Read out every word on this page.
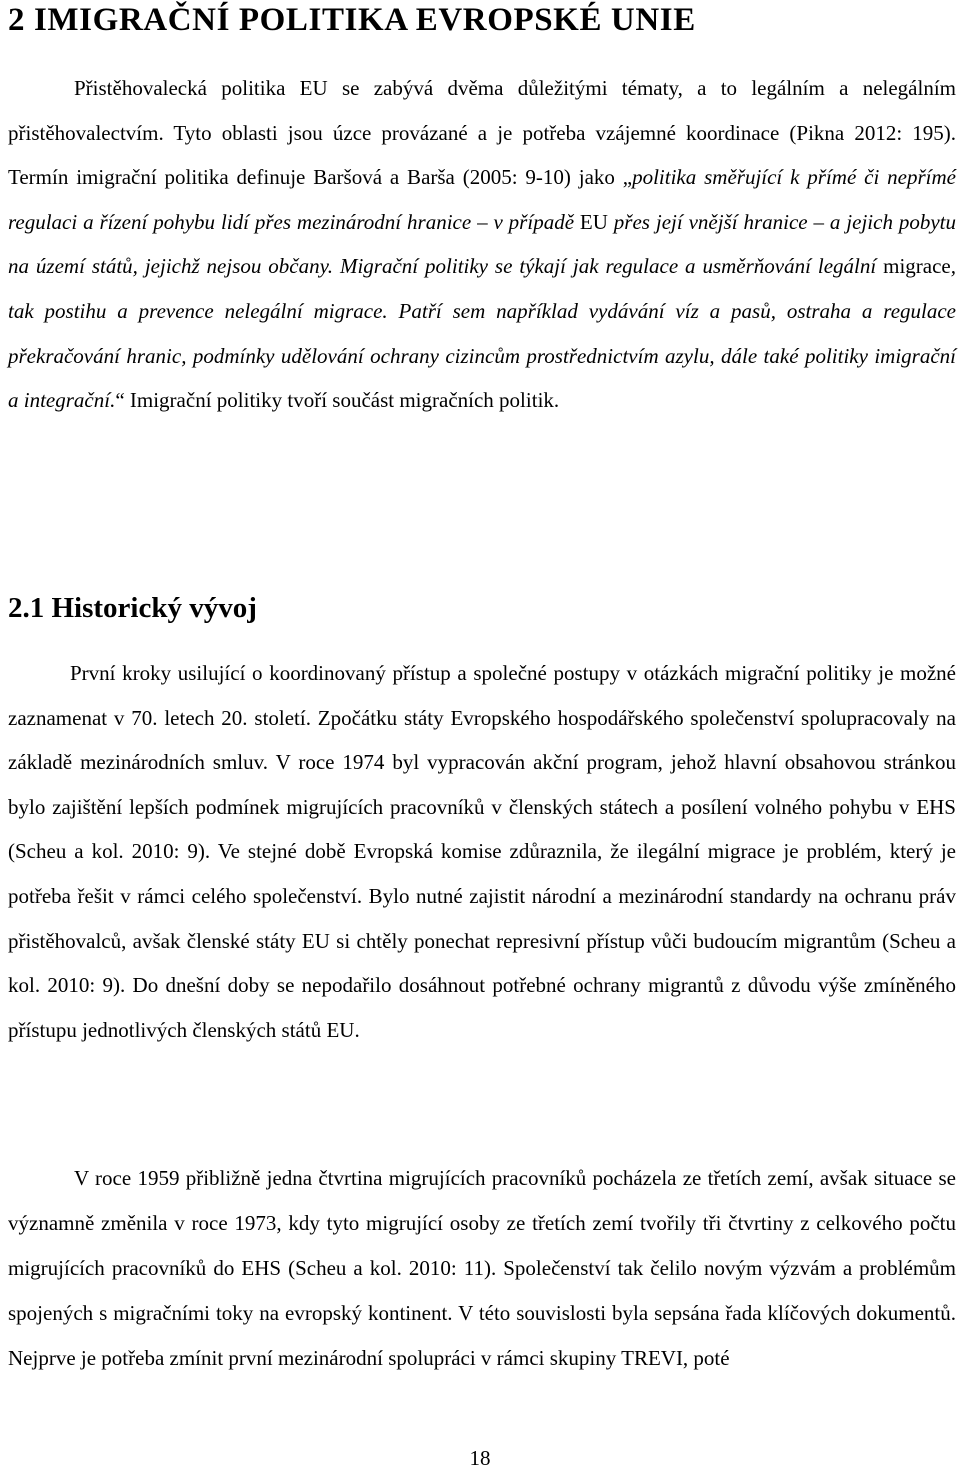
2 IMIGRAČNÍ POLITIKA EVROPSKÉ UNIE

Přistěhovalecká politika EU se zabývá dvěma důležitými tématy, a to legálním a nelegálním přistěhovalectvím. Tyto oblasti jsou úzce provázané a je potřeba vzájemné koordinace (Pikna 2012: 195). Termín imigrační politika definuje Baršová a Barša (2005: 9-10) jako „politika směřující k přímé či nepřímé regulaci a řízení pohybu lidí přes mezinárodní hranice – v případě EU přes její vnější hranice – a jejich pobytu na území států, jejichž nejsou občany. Migrační politiky se týkají jak regulace a usměrňování legální migrace, tak postihu a prevence nelegální migrace. Patří sem například vydávání víz a pasů, ostraha a regulace překračování hranic, podmínky udělování ochrany cizincům prostřednictvím azylu, dále také politiky imigrační a integrační.“ Imigrační politiky tvoří součást migračních politik.

2.1 Historický vývoj

První kroky usilující o koordinovaný přístup a společné postupy v otázkách migrační politiky je možné zaznamenat v 70. letech 20. století. Zpočátku státy Evropského hospodářského společenství spolupracovaly na základě mezinárodních smluv. V roce 1974 byl vypracován akční program, jehož hlavní obsahovou stránkou bylo zajištění lepších podmínek migrujících pracovníků v členských státech a posílení volného pohybu v EHS (Scheu a kol. 2010: 9). Ve stejné době Evropská komise zdůraznila, že ilegální migrace je problém, který je potřeba řešit v rámci celého společenství. Bylo nutné zajistit národní a mezinárodní standardy na ochranu práv přistěhovalců, avšak členské státy EU si chtěly ponechat represivní přístup vůči budoucím migrantům (Scheu a kol. 2010: 9). Do dnešní doby se nepodařilo dosáhnout potřebné ochrany migrantů z důvodu výše zmíněného přístupu jednotlivých členských států EU.

V roce 1959 přibližně jedna čtvrtina migrujících pracovníků pocházela ze třetích zemí, avšak situace se významně změnila v roce 1973, kdy tyto migrující osoby ze třetích zemí tvořily tři čtvrtiny z celkového počtu migrujících pracovníků do EHS (Scheu a kol. 2010: 11). Společenství tak čelilo novým výzvám a problémům spojených s migračními toky na evropský kontinent. V této souvislosti byla sepsána řada klíčových dokumentů. Nejprve je potřeba zmínit první mezinárodní spolupráci v rámci skupiny TREVI, poté

18
